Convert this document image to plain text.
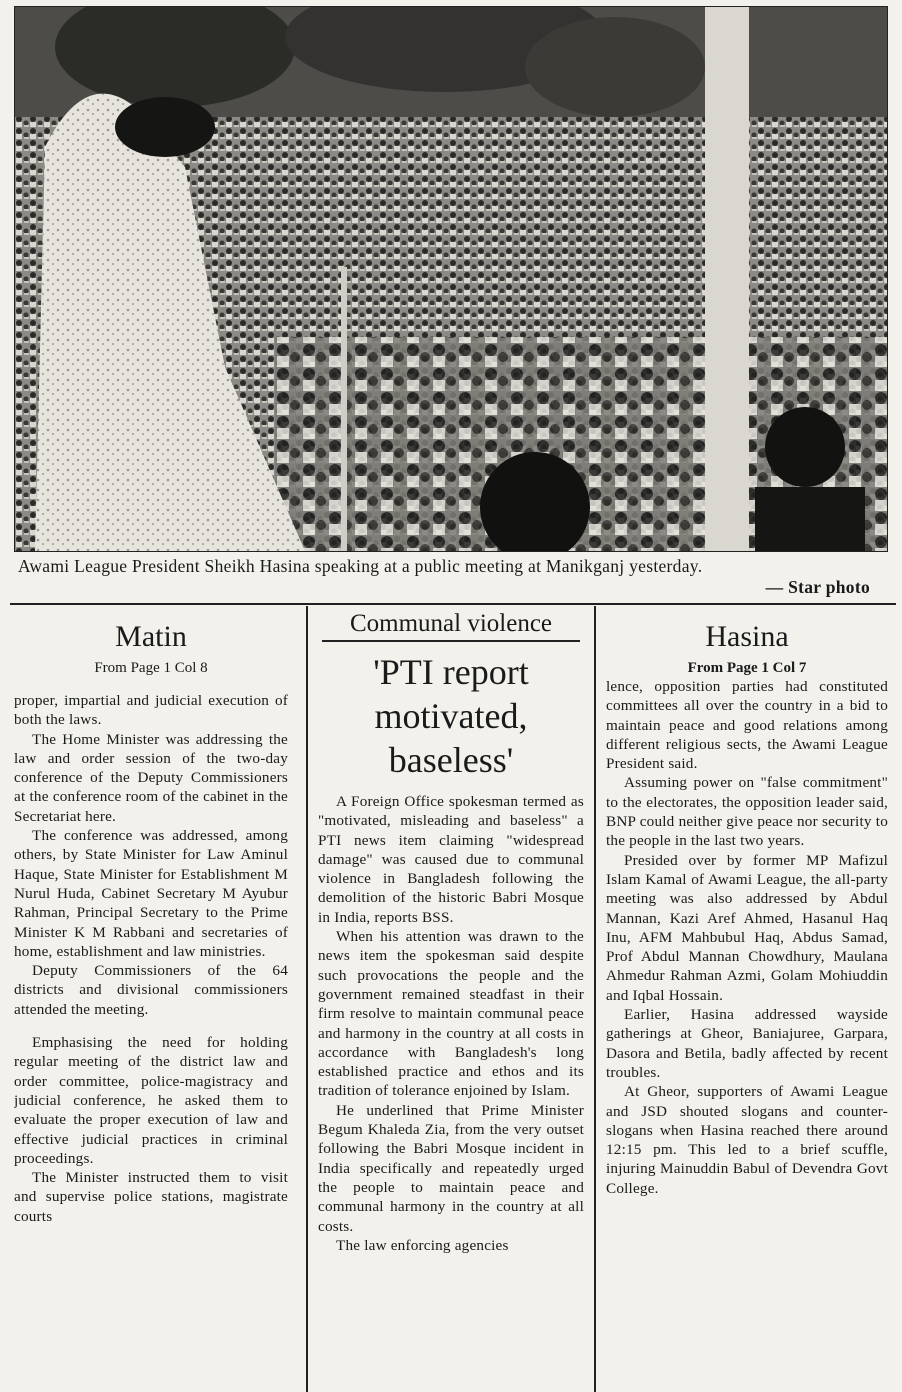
Awami League President Sheikh Hasina speaking at a public meeting at Manikganj yesterday.
— Star photo
Matin
From Page 1 Col 8

proper, impartial and judicial execution of both the laws.

The Home Minister was addressing the law and order session of the two-day conference of the Deputy Commissioners at the conference room of the cabinet in the Secretariat here.

The conference was addressed, among others, by State Minister for Law Aminul Haque, State Minister for Establishment M Nurul Huda, Cabinet Secretary M Ayubur Rahman, Principal Secretary to the Prime Minister K M Rabbani and secretaries of home, establishment and law ministries.

Deputy Commissioners of the 64 districts and divisional commissioners attended the meeting.

Emphasising the need for holding regular meeting of the district law and order committee, police-magistracy and judicial conference, he asked them to evaluate the proper execution of law and effective judicial practices in criminal proceedings.

The Minister instructed them to visit and supervise police stations, magistrate courts

Communal violence
'PTI report motivated, baseless'

A Foreign Office spokesman termed as "motivated, misleading and baseless" a PTI news item claiming "widespread damage" was caused due to communal violence in Bangladesh following the demolition of the historic Babri Mosque in India, reports BSS.

When his attention was drawn to the news item the spokesman said despite such provocations the people and the government remained steadfast in their firm resolve to maintain communal peace and harmony in the country at all costs in accordance with Bangladesh's long established practice and ethos and its tradition of tolerance enjoined by Islam.

He underlined that Prime Minister Begum Khaleda Zia, from the very outset following the Babri Mosque incident in India specifically and repeatedly urged the people to maintain peace and communal harmony in the country at all costs.

The law enforcing agencies

Hasina
From Page 1 Col 7

lence, opposition parties had constituted committees all over the country in a bid to maintain peace and good relations among different religious sects, the Awami League President said.

Assuming power on "false commitment" to the electorates, the opposition leader said, BNP could neither give peace nor security to the people in the last two years.

Presided over by former MP Mafizul Islam Kamal of Awami League, the all-party meeting was also addressed by Abdul Mannan, Kazi Aref Ahmed, Hasanul Haq Inu, AFM Mahbubul Haq, Abdus Samad, Prof Abdul Mannan Chowdhury, Maulana Ahmedur Rahman Azmi, Golam Mohiuddin and Iqbal Hossain.

Earlier, Hasina addressed wayside gatherings at Gheor, Baniajuree, Garpara, Dasora and Betila, badly affected by recent troubles.

At Gheor, supporters of Awami League and JSD shouted slogans and counter-slogans when Hasina reached there around 12:15 pm. This led to a brief scuffle, injuring Mainuddin Babul of Devendra Govt College.
